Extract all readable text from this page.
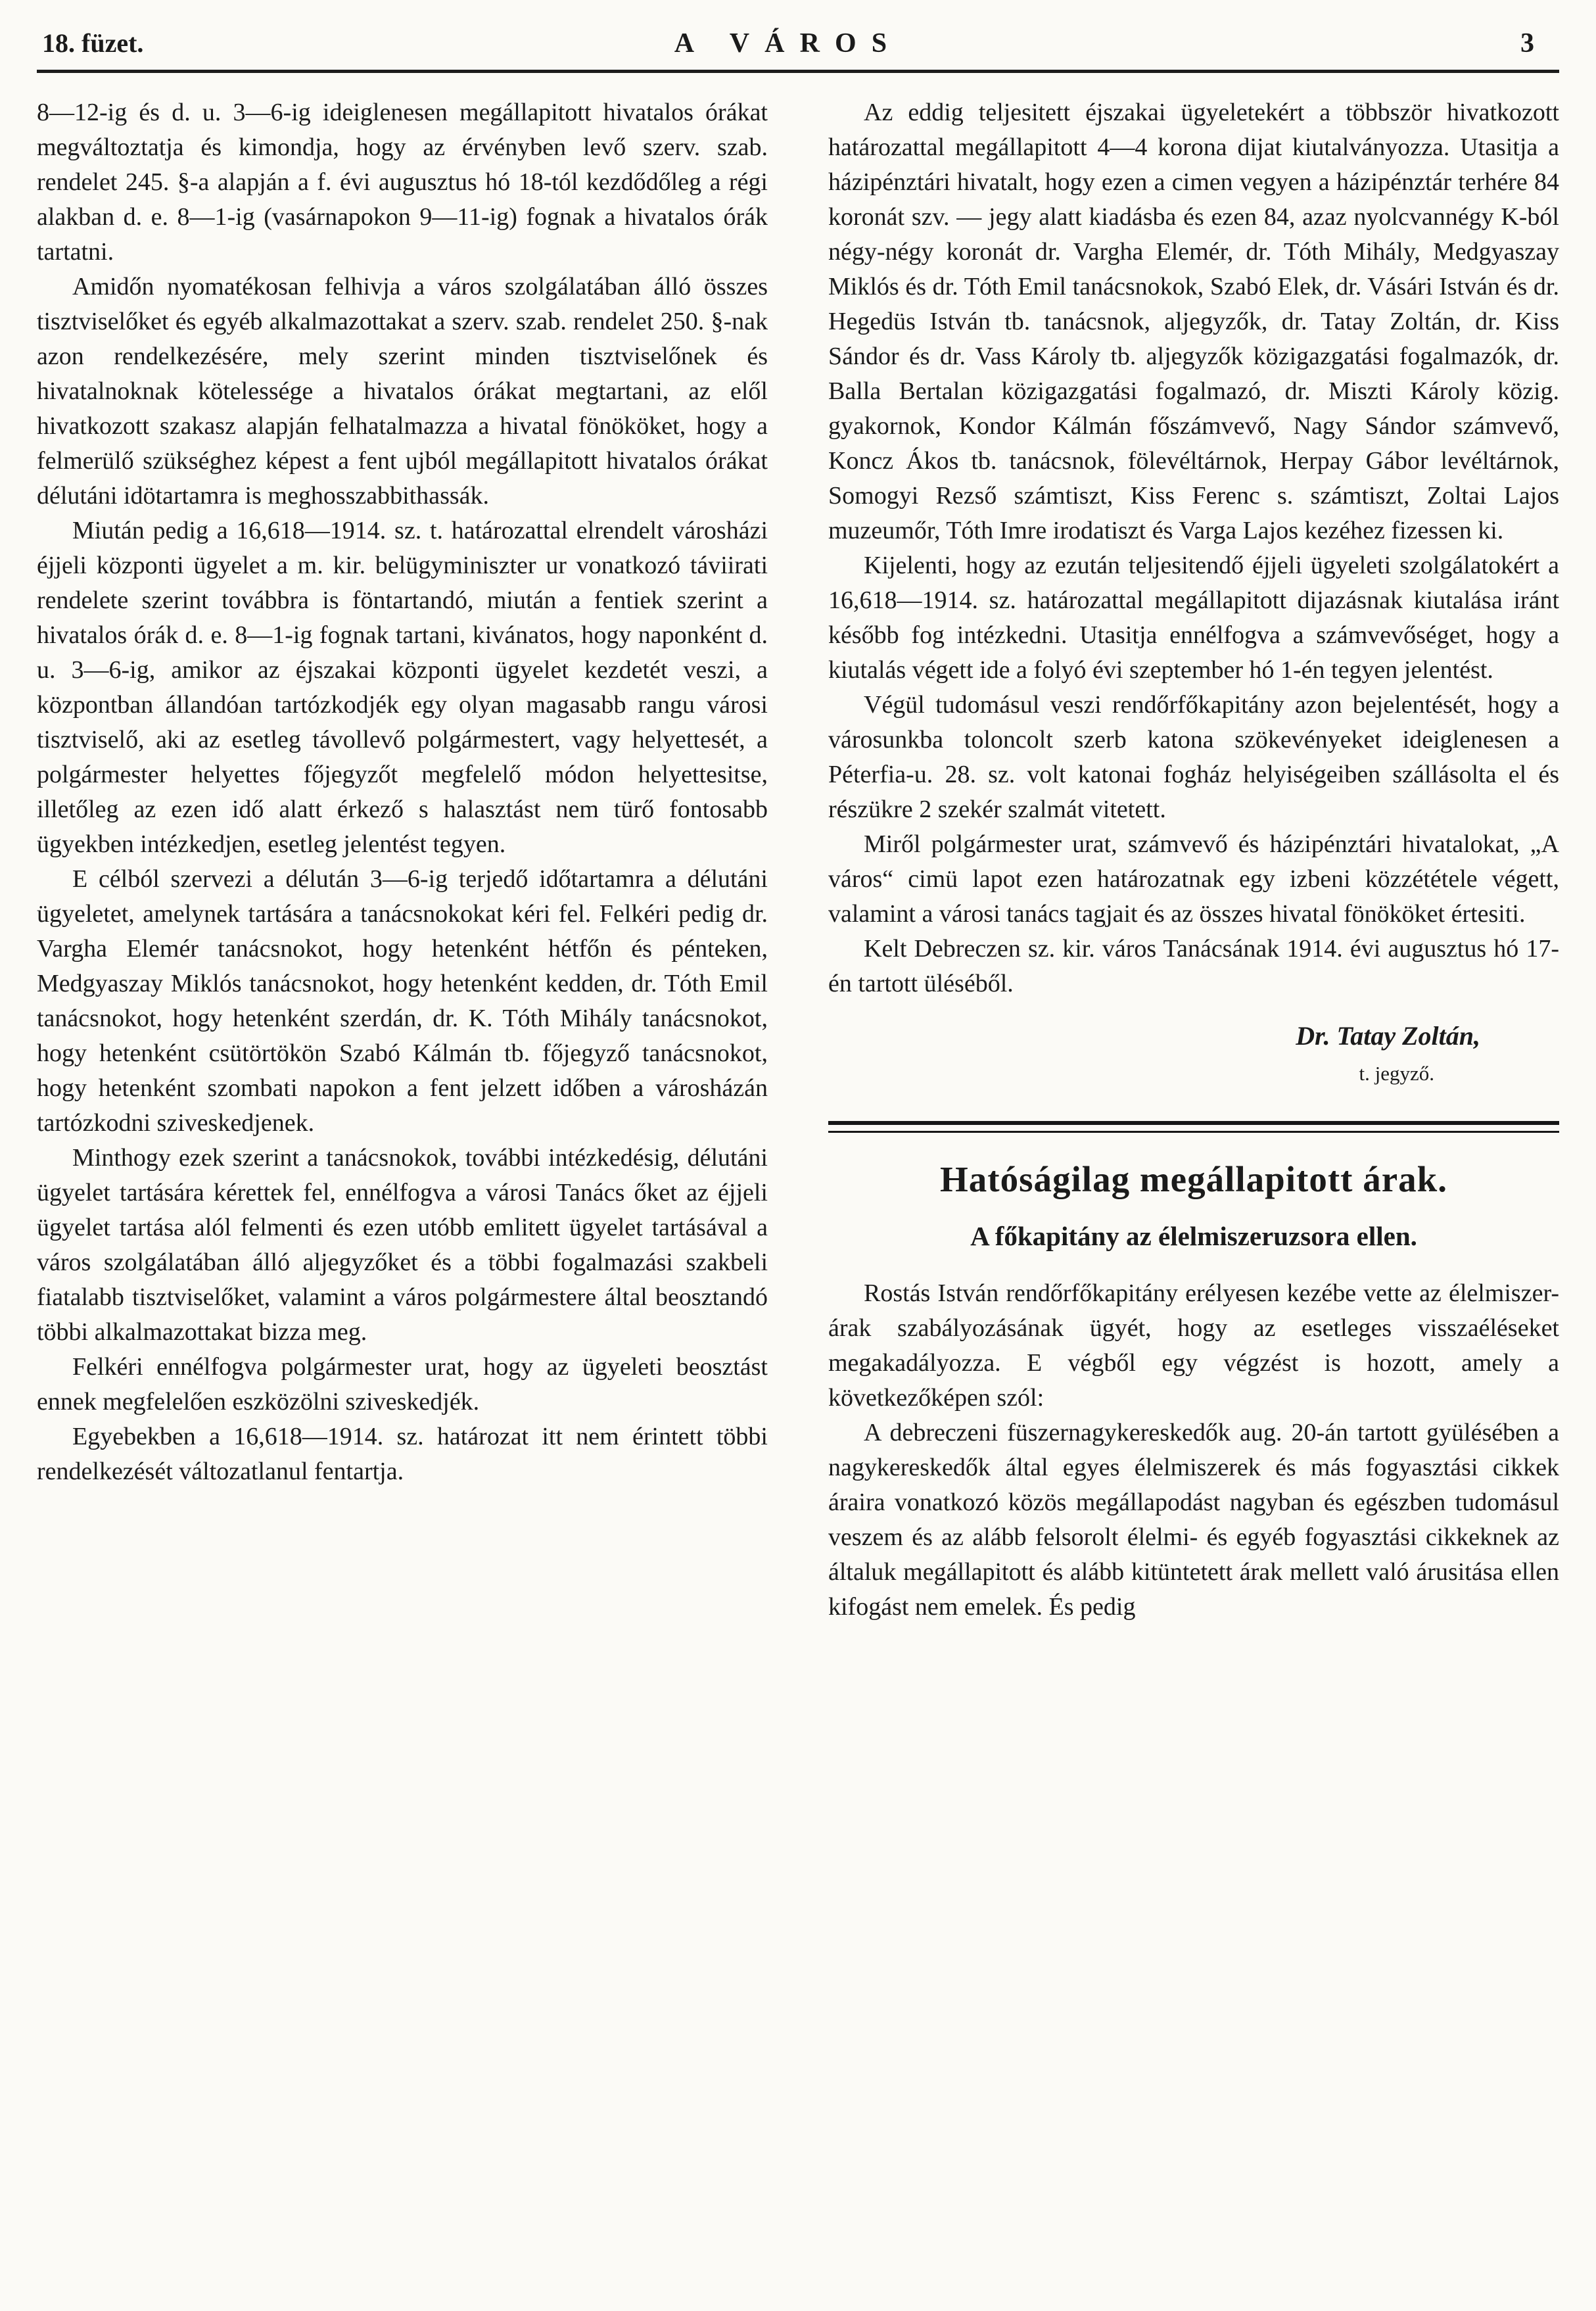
18. füzet.	A VÁROS	3

8—12-ig és d. u. 3—6-ig ideiglenesen megállapitott hivatalos órákat megváltoztatja és kimondja, hogy az érvényben levő szerv. szab. rendelet 245. §-a alapján a f. évi augusztus hó 18-tól kezdődőleg a régi alakban d. e. 8—1-ig (vasárnapokon 9—11-ig) fognak a hivatalos órák tartatni.

Amidőn nyomatékosan felhivja a város szolgálatában álló összes tisztviselőket és egyéb alkalmazottakat a szerv. szab. rendelet 250. §-nak azon rendelkezésére, mely szerint minden tisztviselőnek és hivatalnoknak kötelessége a hivatalos órákat megtartani, az elől hivatkozott szakasz alapján felhatalmazza a hivatal fönököket, hogy a felmerülő szükséghez képest a fent ujból megállapitott hivatalos órákat délutáni idötartamra is meghosszabbithassák.

Miután pedig a 16,618—1914. sz. t. határozattal elrendelt városházi éjjeli központi ügyelet a m. kir. belügyminiszter ur vonatkozó táviirati rendelete szerint továbbra is föntartandó, miután a fentiek szerint a hivatalos órák d. e. 8—1-ig fognak tartani, kivánatos, hogy naponként d. u. 3—6-ig, amikor az éjszakai központi ügyelet kezdetét veszi, a központban állandóan tartózkodjék egy olyan magasabb rangu városi tisztviselő, aki az esetleg távollevő polgármestert, vagy helyettesét, a polgármester helyettes főjegyzőt megfelelő módon helyettesitse, illetőleg az ezen idő alatt érkező s halasztást nem türő fontosabb ügyekben intézkedjen, esetleg jelentést tegyen.

E célból szervezi a délután 3—6-ig terjedő időtartamra a délutáni ügyeletet, amelynek tartására a tanácsnokokat kéri fel. Felkéri pedig dr. Vargha Elemér tanácsnokot, hogy hetenként hétfőn és pénteken, Medgyaszay Miklós tanácsnokot, hogy hetenként kedden, dr. Tóth Emil tanácsnokot, hogy hetenként szerdán, dr. K. Tóth Mihály tanácsnokot, hogy hetenként csütörtökön Szabó Kálmán tb. főjegyző tanácsnokot, hogy hetenként szombati napokon a fent jelzett időben a városházán tartózkodni sziveskedjenek.

Minthogy ezek szerint a tanácsnokok, további intézkedésig, délutáni ügyelet tartására kérettek fel, ennélfogva a városi Tanács őket az éjjeli ügyelet tartása alól felmenti és ezen utóbb emlitett ügyelet tartásával a város szolgálatában álló aljegyzőket és a többi fogalmazási szakbeli fiatalabb tisztviselőket, valamint a város polgármestere által beosztandó többi alkalmazottakat bizza meg.

Felkéri ennélfogva polgármester urat, hogy az ügyeleti beosztást ennek megfelelően eszközölni sziveskedjék.

Egyebekben a 16,618—1914. sz. határozat itt nem érintett többi rendelkezését változatlanul fentartja.

Az eddig teljesitett éjszakai ügyeletekért a többször hivatkozott határozattal megállapitott 4—4 korona dijat kiutalványozza. Utasitja a házipénztári hivatalt, hogy ezen a cimen vegyen a házipénztár terhére 84 koronát szv. — jegy alatt kiadásba és ezen 84, azaz nyolcvannégy K-ból négy-négy koronát dr. Vargha Elemér, dr. Tóth Mihály, Medgyaszay Miklós és dr. Tóth Emil tanácsnokok, Szabó Elek, dr. Vásári István és dr. Hegedüs István tb. tanácsnok, aljegyzők, dr. Tatay Zoltán, dr. Kiss Sándor és dr. Vass Károly tb. aljegyzők közigazgatási fogalmazók, dr. Balla Bertalan közigazgatási fogalmazó, dr. Miszti Károly közig. gyakornok, Kondor Kálmán főszámvevő, Nagy Sándor számvevő, Koncz Ákos tb. tanácsnok, fölevéltárnok, Herpay Gábor levéltárnok, Somogyi Rezső számtiszt, Kiss Ferenc s. számtiszt, Zoltai Lajos muzeumőr, Tóth Imre irodatiszt és Varga Lajos kezéhez fizessen ki.

Kijelenti, hogy az ezután teljesitendő éjjeli ügyeleti szolgálatokért a 16,618—1914. sz. határozattal megállapitott dijazásnak kiutalása iránt később fog intézkedni. Utasitja ennélfogva a számvevőséget, hogy a kiutalás végett ide a folyó évi szeptember hó 1-én tegyen jelentést.

Végül tudomásul veszi rendőrfőkapitány azon bejelentését, hogy a városunkba toloncolt szerb katona szökevényeket ideiglenesen a Péterfia-u. 28. sz. volt katonai fogház helyiségeiben szállásolta el és részükre 2 szekér szalmát vitetett.

Miről polgármester urat, számvevő és házipénztári hivatalokat, „A város“ cimü lapot ezen határozatnak egy izbeni közzététele végett, valamint a városi tanács tagjait és az összes hivatal fönököket értesiti.

Kelt Debreczen sz. kir. város Tanácsának 1914. évi augusztus hó 17-én tartott üléséből.

Dr. Tatay Zoltán,
t. jegyző.
Hatóságilag megállapitott árak.
A főkapitány az élelmiszeruzsora ellen.

Rostás István rendőrfőkapitány erélyesen kezébe vette az élelmiszer-árak szabályozásának ügyét, hogy az esetleges visszaéléseket megakadályozza. E végből egy végzést is hozott, amely a következőképen szól:

A debreczeni füszernagykereskedők aug. 20-án tartott gyülésében a nagykereskedők által egyes élelmiszerek és más fogyasztási cikkek áraira vonatkozó közös megállapodást nagyban és egészben tudomásul veszem és az alább felsorolt élelmi- és egyéb fogyasztási cikkeknek az általuk megállapitott és alább kitüntetett árak mellett való árusitása ellen kifogást nem emelek. És pedig
